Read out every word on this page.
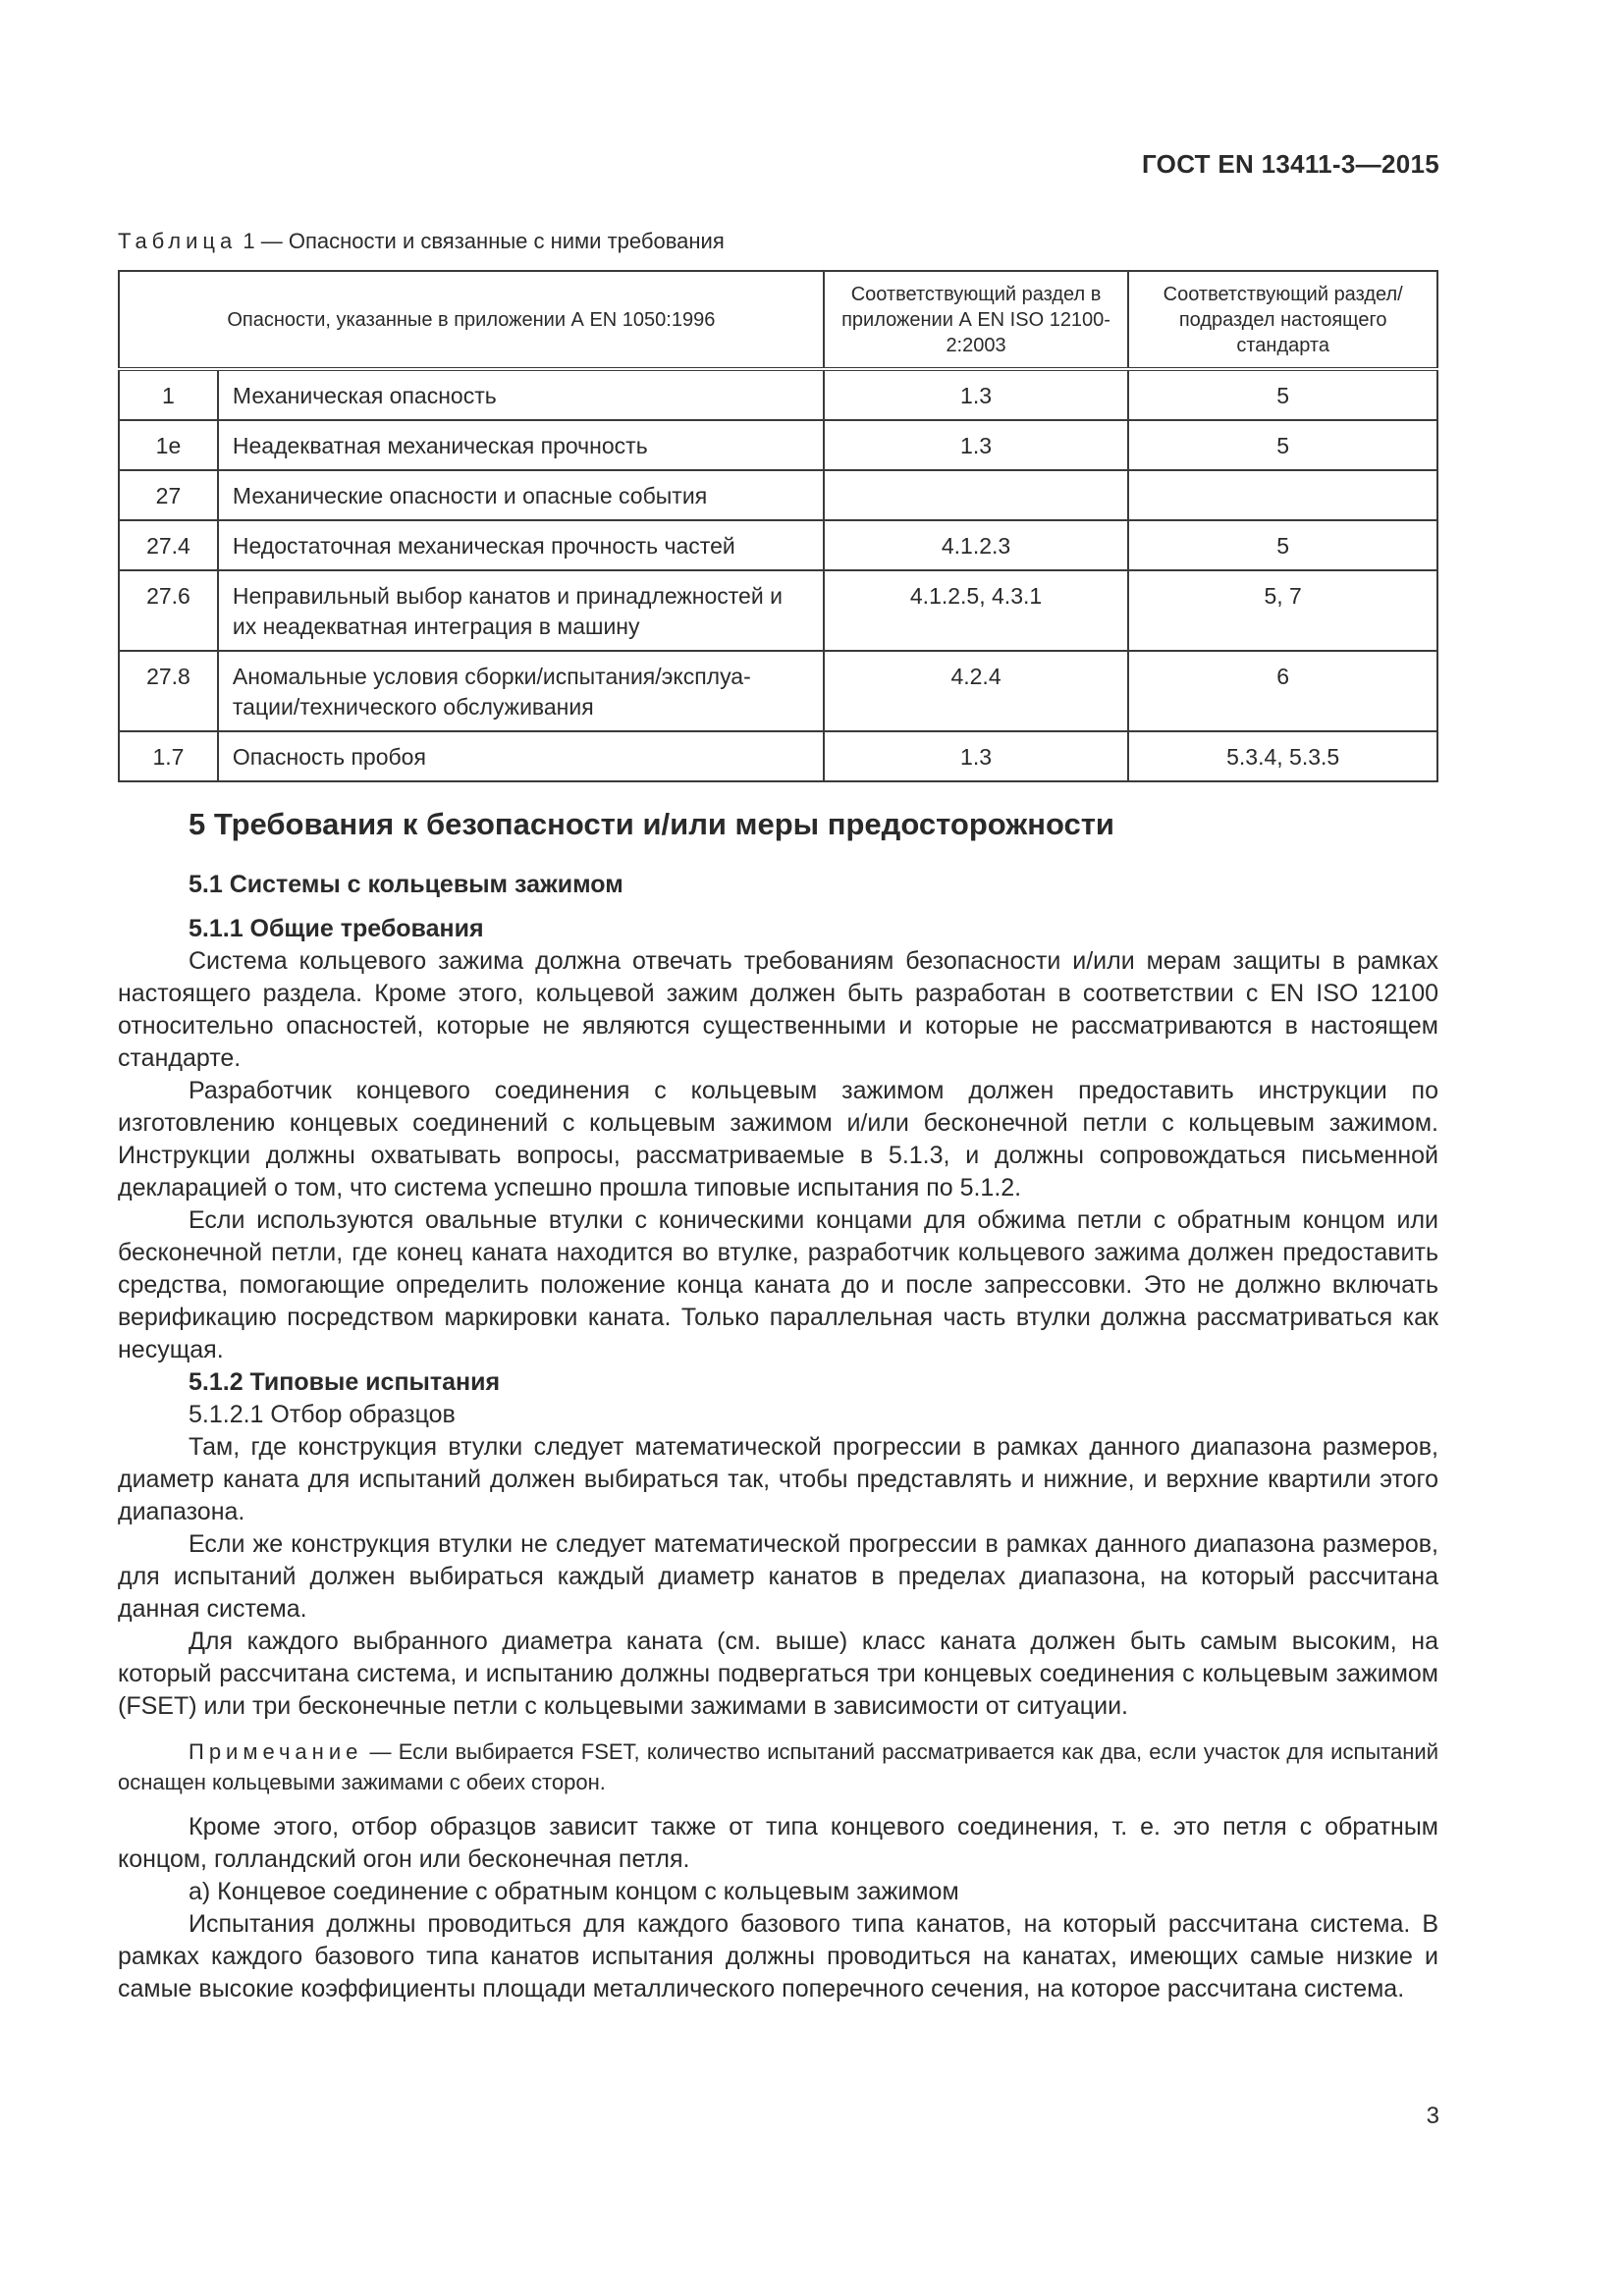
ГОСТ EN 13411-3—2015
Таблица 1 — Опасности и связанные с ними требования
Опасности, указанные в приложении А EN 1050:1996		Соответствующий раздел в приложении А EN ISO 12100-2:2003	Соответствующий раздел/ подраздел настоящего стандарта
1	Механическая опасность	1.3	5
1е	Неадекватная механическая прочность	1.3	5
27	Механические опасности и опасные события		
27.4	Недостаточная механическая прочность частей	4.1.2.3	5
27.6	Неправильный выбор канатов и принадлежностей и их неадекватная интеграция в машину	4.1.2.5, 4.3.1	5, 7
27.8	Аномальные условия сборки/испытания/эксплуа-тации/технического обслуживания	4.2.4	6
1.7	Опасность пробоя	1.3	5.3.4, 5.3.5
5 Требования к безопасности и/или меры предосторожности
5.1 Системы с кольцевым зажимом
5.1.1 Общие требования

Система кольцевого зажима должна отвечать требованиям безопасности и/или мерам защиты в рамках настоящего раздела. Кроме этого, кольцевой зажим должен быть разработан в соответствии с EN ISO 12100 относительно опасностей, которые не являются существенными и которые не рассматриваются в настоящем стандарте.

Разработчик концевого соединения с кольцевым зажимом должен предоставить инструкции по изготовлению концевых соединений с кольцевым зажимом и/или бесконечной петли с кольцевым зажимом. Инструкции должны охватывать вопросы, рассматриваемые в 5.1.3, и должны сопровождаться письменной декларацией о том, что система успешно прошла типовые испытания по 5.1.2.

Если используются овальные втулки с коническими концами для обжима петли с обратным концом или бесконечной петли, где конец каната находится во втулке, разработчик кольцевого зажима должен предоставить средства, помогающие определить положение конца каната до и после запрессовки. Это не должно включать верификацию посредством маркировки каната. Только параллельная часть втулки должна рассматриваться как несущая.

5.1.2 Типовые испытания

5.1.2.1 Отбор образцов

Там, где конструкция втулки следует математической прогрессии в рамках данного диапазона размеров, диаметр каната для испытаний должен выбираться так, чтобы представлять и нижние, и верхние квартили этого диапазона.

Если же конструкция втулки не следует математической прогрессии в рамках данного диапазона размеров, для испытаний должен выбираться каждый диаметр канатов в пределах диапазона, на который рассчитана данная система.

Для каждого выбранного диаметра каната (см. выше) класс каната должен быть самым высоким, на который рассчитана система, и испытанию должны подвергаться три концевых соединения с кольцевым зажимом (FSET) или три бесконечные петли с кольцевыми зажимами в зависимости от ситуации.

Примечание — Если выбирается FSET, количество испытаний рассматривается как два, если участок для испытаний оснащен кольцевыми зажимами с обеих сторон.

Кроме этого, отбор образцов зависит также от типа концевого соединения, т. е. это петля с обратным концом, голландский огон или бесконечная петля.

а) Концевое соединение с обратным концом с кольцевым зажимом

Испытания должны проводиться для каждого базового типа канатов, на который рассчитана система. В рамках каждого базового типа канатов испытания должны проводиться на канатах, имеющих самые низкие и самые высокие коэффициенты площади металлического поперечного сечения, на которое рассчитана система.

3
